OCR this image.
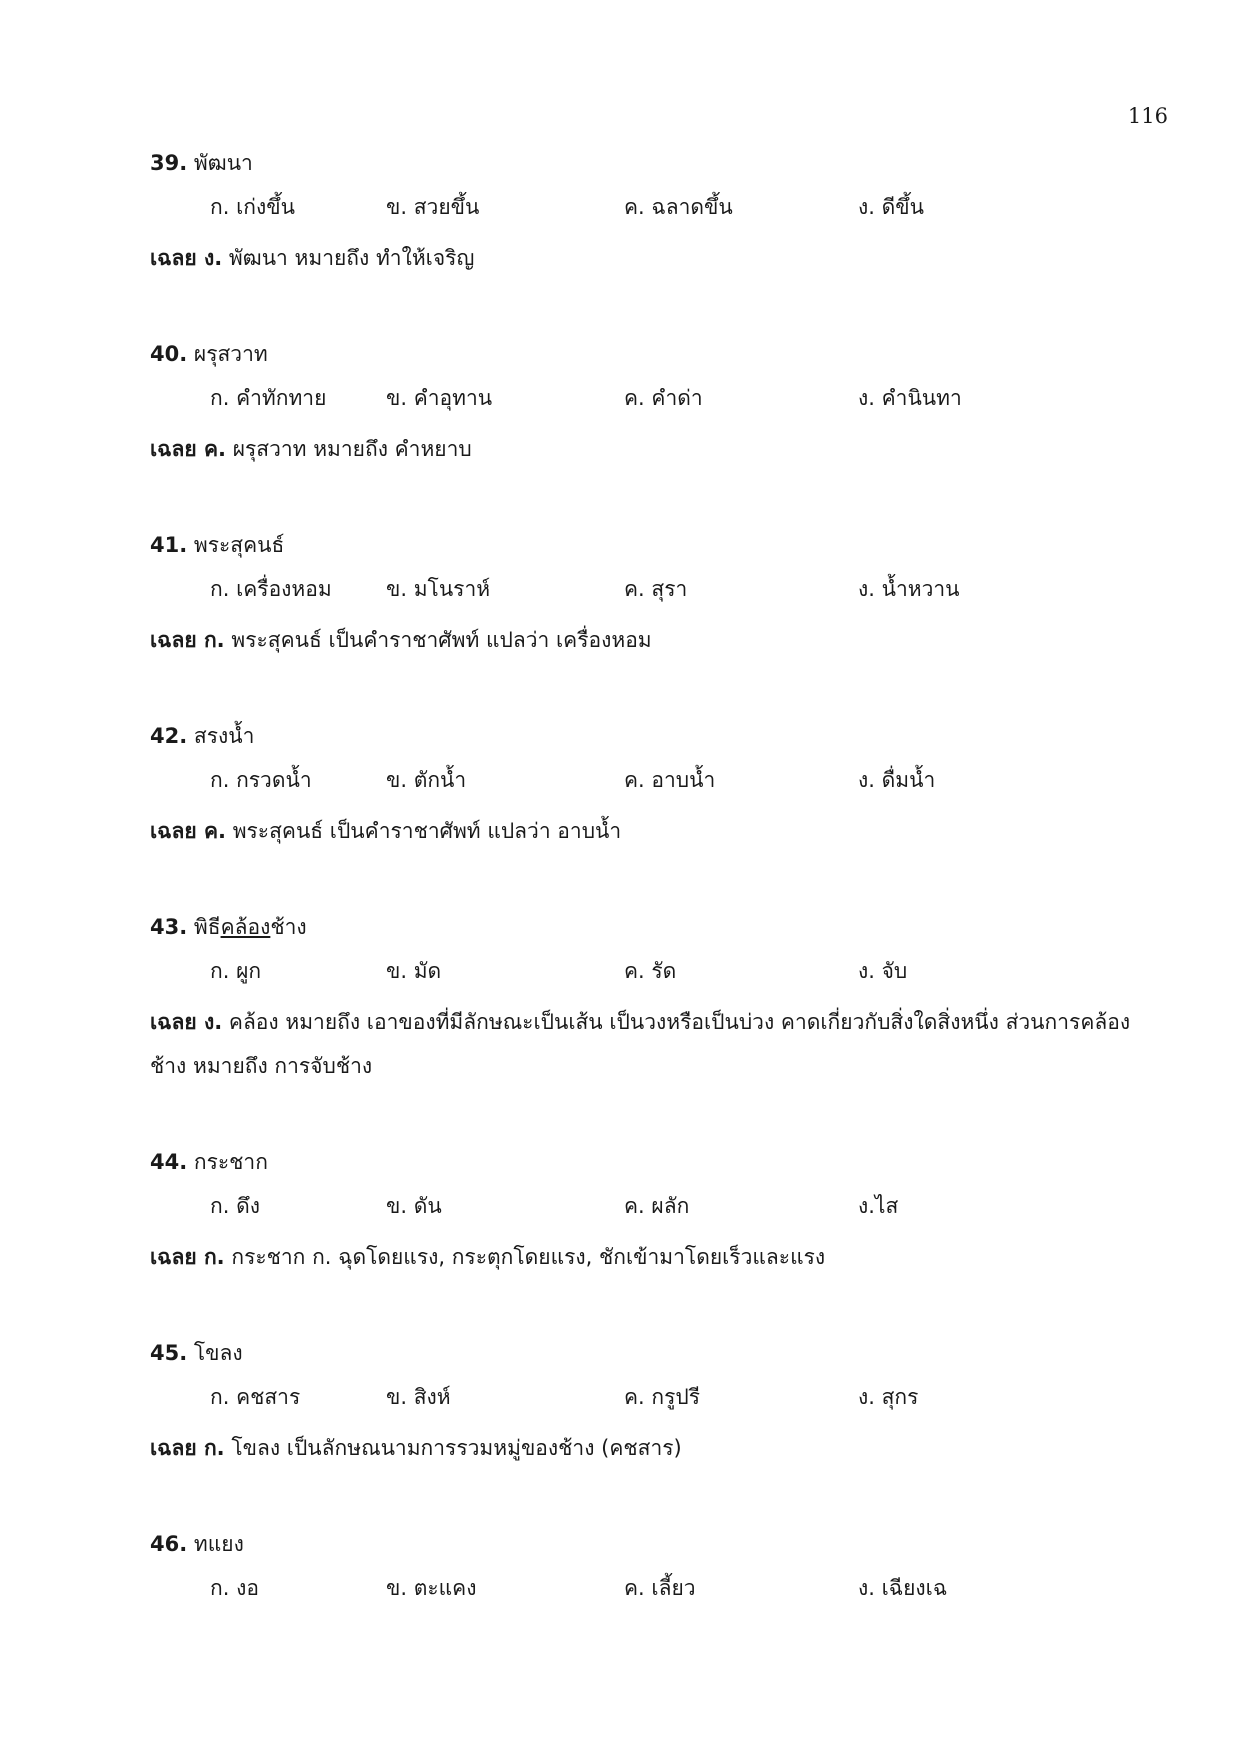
116
39. พัฒนา
ก. เก่งขึ้น	ข. สวยขึ้น	ค. ฉลาดขึ้น	ง. ดีขึ้น
เฉลย ง. พัฒนา หมายถึง ทำให้เจริญ
40. ผรุสวาท
ก. คำทักทาย	ข. คำอุทาน	ค. คำด่า	ง. คำนินทา
เฉลย ค. ผรุสวาท หมายถึง คำหยาบ
41. พระสุคนธ์
ก. เครื่องหอม	ข. มโนราห์	ค. สุรา	ง. น้ำหวาน
เฉลย ก. พระสุคนธ์ เป็นคำราชาศัพท์ แปลว่า เครื่องหอม
42. สรงน้ำ
ก. กรวดน้ำ	ข. ตักน้ำ	ค. อาบน้ำ	ง. ดื่มน้ำ
เฉลย ค. พระสุคนธ์ เป็นคำราชาศัพท์ แปลว่า อาบน้ำ
43. พิธีคล้องช้าง
ก. ผูก	ข. มัด	ค. รัด	ง. จับ
เฉลย ง. คล้อง หมายถึง เอาของที่มีลักษณะเป็นเส้น เป็นวงหรือเป็นบ่วง คาดเกี่ยวกับสิ่งใดสิ่งหนึ่ง ส่วนการคล้องช้าง หมายถึง การจับช้าง
44. กระชาก
ก. ดึง	ข. ดัน	ค. ผลัก	ง.ไส
เฉลย ก. กระชาก ก. ฉุดโดยแรง, กระตุกโดยแรง, ชักเข้ามาโดยเร็วและแรง
45. โขลง
ก. คชสาร	ข. สิงห์	ค. กรูปรี	ง. สุกร
เฉลย ก. โขลง เป็นลักษณนามการรวมหมู่ของช้าง (คชสาร)
46. ทแยง
ก. งอ	ข. ตะแคง	ค. เลี้ยว	ง. เฉียงเฉ
